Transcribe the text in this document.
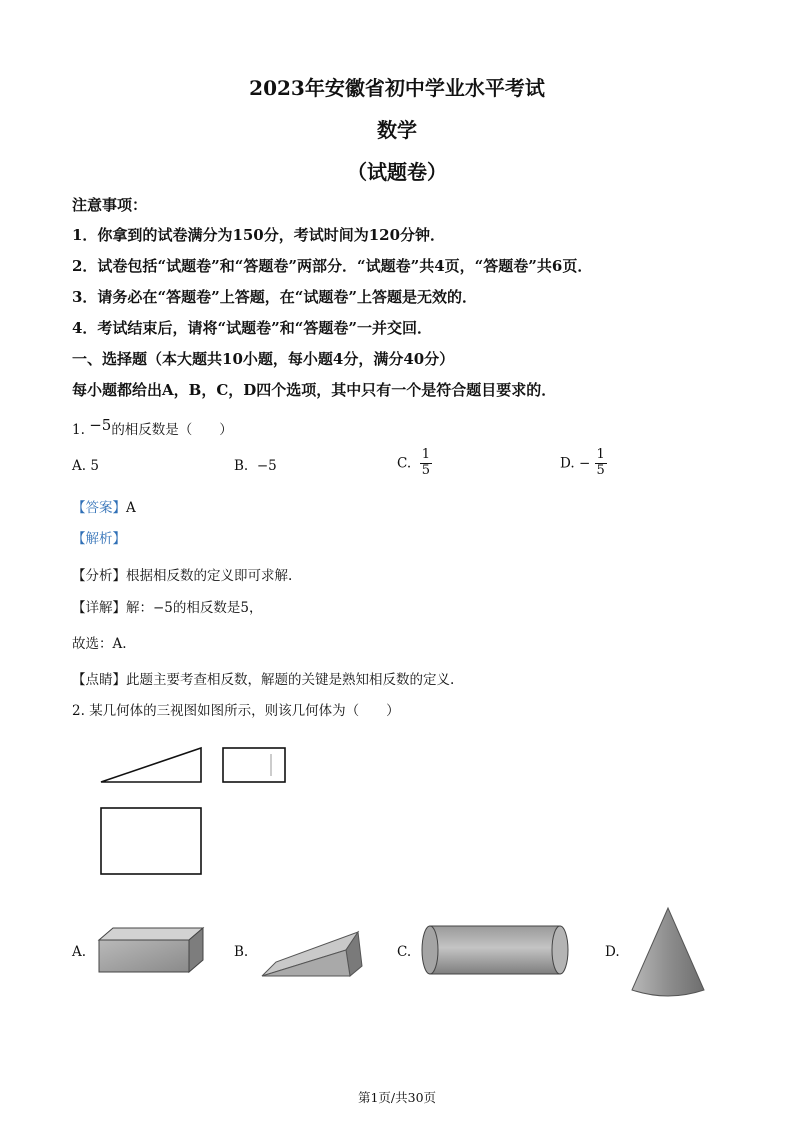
2023年安徽省初中学业水平考试
数学
（试题卷）
注意事项：
1．你拿到的试卷满分为150分，考试时间为120分钟．
2．试卷包括“试题卷”和“答题卷”两部分．“试题卷”共4页，“答题卷”共6页．
3．请务必在“答题卷”上答题，在“试题卷”上答题是无效的．
4．考试结束后，请将“试题卷”和“答题卷”一并交回．
一、选择题（本大题共10小题，每小题4分，满分40分）
每小题都给出A，B，C，D四个选项，其中只有一个是符合题目要求的．
1. −5的相反数是（　　）
A. 5	B. −5	C. $\frac{1}{5}$	D. − $\frac{1}{5}$
【答案】A
【解析】
【分析】根据相反数的定义即可求解.
【详解】解：−5的相反数是5，
故选：A.
【点睛】此题主要考查相反数，解题的关键是熟知相反数的定义.
2. 某几何体的三视图如图所示，则该几何体为（　　）
A.	B.	C.	D.
第1页/共30页
